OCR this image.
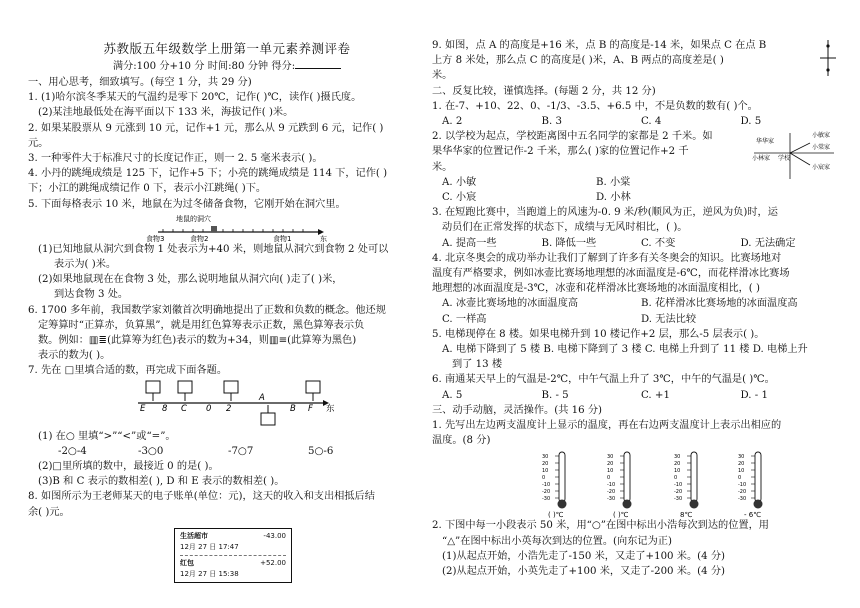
苏教版五年级数学上册第一单元素养测评卷
满分:100 分+10 分 时间:80 分钟 得分:
一、用心思考，细致填写。(每空 1 分，共 29 分)
1. (1)哈尔滨冬季某天的气温约是零下 20℃，记作( )℃，读作( )摄氏度。
(2)某洼地最低处在海平面以下 133 米，海拔记作( )米。
2. 如果某股票从 9 元涨到 10 元，记作+1 元，那么从 9 元跌到 6 元，记作( )
元。
3. 一种零件大于标准尺寸的长度记作正，则一 2. 5 毫米表示( )。
4. 小丹的跳绳成绩是 125 下，记作+5 下；小亮的跳绳成绩是 114 下，记作( )
下；小江的跳绳成绩记作 0 下，表示小江跳绳( )下。
5. 下面每格表示 10 米，地鼠在为过冬储备食物，它刚开始在洞穴里。
地鼠的洞穴
食物3	食物2	食物1	东
(1)已知地鼠从洞穴到食物 1 处表示为+40 米，则地鼠从洞穴到食物 2 处可以
表示为( )米。
(2)如果地鼠现在在食物 3 处，那么说明地鼠从洞穴向( )走了( )米，
到达食物 3 处。
6. 1700 多年前，我国数学家刘徽首次明确地提出了正数和负数的概念。他还规
定筹算时“正算赤，负算黑”，就是用红色算筹表示正数，黑色算筹表示负
数。例如：▥≣(此算筹为红色)表示的数为+34，则▥≡(此算筹为黑色)
表示的数为( )。
7. 先在 □里填合适的数，再完成下面各题。
E 8 C 0 2
A
B F 东
(1) 在○ 里填“>”“<”或“=”。
-2○-4	-3○0	-7○7	5○-6
(2)□里所填的数中，最接近 0 的是( )。
(3)B 和 C 表示的数相差( ), D 和 E 表示的数相差( )。
8. 如图所示为王老师某天的电子账单(单位：元)，这天的收入和支出相抵后结
余( )元。
生活超市	-43.00
12月 27 日 17:47
红包	+52.00
12月 27 日 15:38
9. 如图，点 A 的高度是+16 米，点 B 的高度是-14 米，如果点 C 在点 B
上方 8 米处，那么点 C 的高度是( )米，A、B 两点的高度差是( )
米。
二、反复比较，谨慎选择。(每题 2 分，共 12 分)
1. 在-7、+10、22、0、-1/3、-3.5、+6.5 中，不是负数的数有( )个。
A. 2	B. 3	C. 4	D. 5
2. 以学校为起点，学校距离图中五名同学的家都是 2 千米。如
果华华家的位置记作-2 千米，那么( )家的位置记作+2 千
米。
A. 小敏	B. 小棠
C. 小宸	D. 小林
华华家
小敏家
小棠家
小林家 学校
小宸家
3. 在短跑比赛中，当跑道上的风速为-0. 9 米/秒(顺风为正，逆风为负)时，运
动员们在正常发挥的状态下，成绩与无风时相比，( )。
A. 提高一些	B. 降低一些	C. 不变	D. 无法确定
4. 北京冬奥会的成功举办让我们了解到了许多有关冬奥会的知识。比赛场地对
温度有严格要求，例如冰壶比赛场地理想的冰面温度是-6℃，而花样滑冰比赛场
地理想的冰面温度是-3℃，冰壶和花样滑冰比赛场地的冰面温度相比，( )
A. 冰壶比赛场地的冰面温度高	B. 花样滑冰比赛场地的冰面温度高
C. 一样高	D. 无法比较
5. 电梯现停在 8 楼。如果电梯升到 10 楼记作+2 层，那么-5 层表示( )。
A. 电梯下降到了 5 楼 B. 电梯下降到了 3 楼 C. 电梯上升到了 11 楼 D. 电梯上升
到了 13 楼
6. 南通某天早上的气温是-2℃，中午气温上升了 3℃，中午的气温是( )℃。
A. 5	B. - 5	C. +1	D. - 1
三、动手动脑，灵活操作。(共 16 分)
1. 先写出左边两支温度计上显示的温度，再在右边两支温度计上表示出相应的
温度。(8 分)
30
20
10
0
-10
-20
-30
( )℃
30
20
10
0
-10
-20
-30
( )℃
30
20
10
0
-10
-20
-30
8℃
30
20
10
0
-10
-20
-30
- 6℃
2. 下图中每一小段表示 50 米，用“○”在图中标出小浩每次到达的位置，用
“△”在图中标出小英每次到达的位置。(向东记为正)
(1)从起点开始，小浩先走了-150 米，又走了+100 米。(4 分)
(2)从起点开始，小英先走了+100 米，又走了-200 米。(4 分)
